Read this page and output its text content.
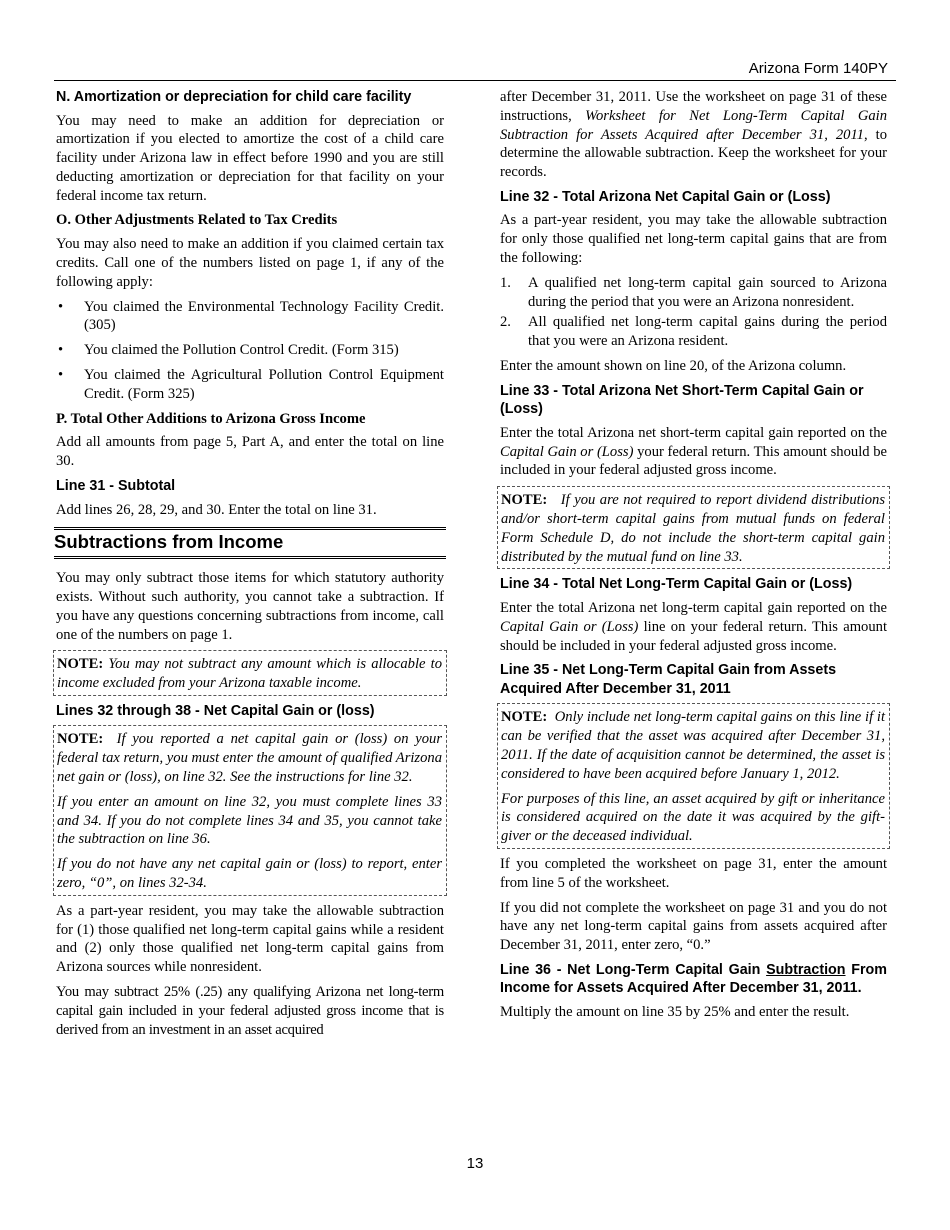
Arizona Form 140PY
N. Amortization or depreciation for child care facility

You may need to make an addition for depreciation or amortization if you elected to amortize the cost of a child care facility under Arizona law in effect before 1990 and you are still deducting amortization or depreciation for that facility on your federal income tax return.

O. Other Adjustments Related to Tax Credits

You may also need to make an addition if you claimed certain tax credits. Call one of the numbers listed on page 1, if any of the following apply:

• You claimed the Environmental Technology Facility Credit. (305)
• You claimed the Pollution Control Credit. (Form 315)
• You claimed the Agricultural Pollution Control Equipment Credit. (Form 325)
P. Total Other Additions to Arizona Gross Income

Add all amounts from page 5, Part A, and enter the total on line 30.

Line 31 - Subtotal

Add lines 26, 28, 29, and 30. Enter the total on line 31.

Subtractions from Income

You may only subtract those items for which statutory authority exists. Without such authority, you cannot take a subtraction. If you have any questions concerning subtractions from income, call one of the numbers on page 1.

NOTE: You may not subtract any amount which is allocable to income excluded from your Arizona taxable income.

Lines 32 through 38 - Net Capital Gain or (loss)

NOTE: If you reported a net capital gain or (loss) on your federal tax return, you must enter the amount of qualified Arizona net gain or (loss), on line 32. See the instructions for line 32.

If you enter an amount on line 32, you must complete lines 33 and 34. If you do not complete lines 34 and 35, you cannot take the subtraction on line 36.

If you do not have any net capital gain or (loss) to report, enter zero, “0”, on lines 32-34.

As a part-year resident, you may take the allowable subtraction for (1) those qualified net long-term capital gains while a resident and (2) only those qualified net long-term capital gains from Arizona sources while nonresident.

You may subtract 25% (.25) any qualifying Arizona net long-term capital gain included in your federal adjusted gross income that is derived from an investment in an asset acquired

after December 31, 2011. Use the worksheet on page 31 of these instructions, Worksheet for Net Long-Term Capital Gain Subtraction for Assets Acquired after December 31, 2011, to determine the allowable subtraction. Keep the worksheet for your records.

Line 32 - Total Arizona Net Capital Gain or (Loss)

As a part-year resident, you may take the allowable subtraction for only those qualified net long-term capital gains that are from the following:

1. A qualified net long-term capital gain sourced to Arizona during the period that you were an Arizona nonresident.
2. All qualified net long-term capital gains during the period that you were an Arizona resident.

Enter the amount shown on line 20, of the Arizona column.

Line 33 - Total Arizona Net Short-Term Capital Gain or (Loss)

Enter the total Arizona net short-term capital gain reported on the Capital Gain or (Loss) your federal return. This amount should be included in your federal adjusted gross income.

NOTE: If you are not required to report dividend distributions and/or short-term capital gains from mutual funds on federal Form Schedule D, do not include the short-term capital gain distributed by the mutual fund on line 33.

Line 34 - Total Net Long-Term Capital Gain or (Loss)

Enter the total Arizona net long-term capital gain reported on the Capital Gain or (Loss) line on your federal return. This amount should be included in your federal adjusted gross income.

Line 35 - Net Long-Term Capital Gain from Assets Acquired After December 31, 2011

NOTE: Only include net long-term capital gains on this line if it can be verified that the asset was acquired after December 31, 2011. If the date of acquisition cannot be determined, the asset is considered to have been acquired before January 1, 2012.

For purposes of this line, an asset acquired by gift or inheritance is considered acquired on the date it was acquired by the gift-giver or the deceased individual.

If you completed the worksheet on page 31, enter the amount from line 5 of the worksheet.

If you did not complete the worksheet on page 31 and you do not have any net long-term capital gains from assets acquired after December 31, 2011, enter zero, “0.”

Line 36 - Net Long-Term Capital Gain Subtraction From Income for Assets Acquired After December 31, 2011.

Multiply the amount on line 35 by 25% and enter the result.

13
